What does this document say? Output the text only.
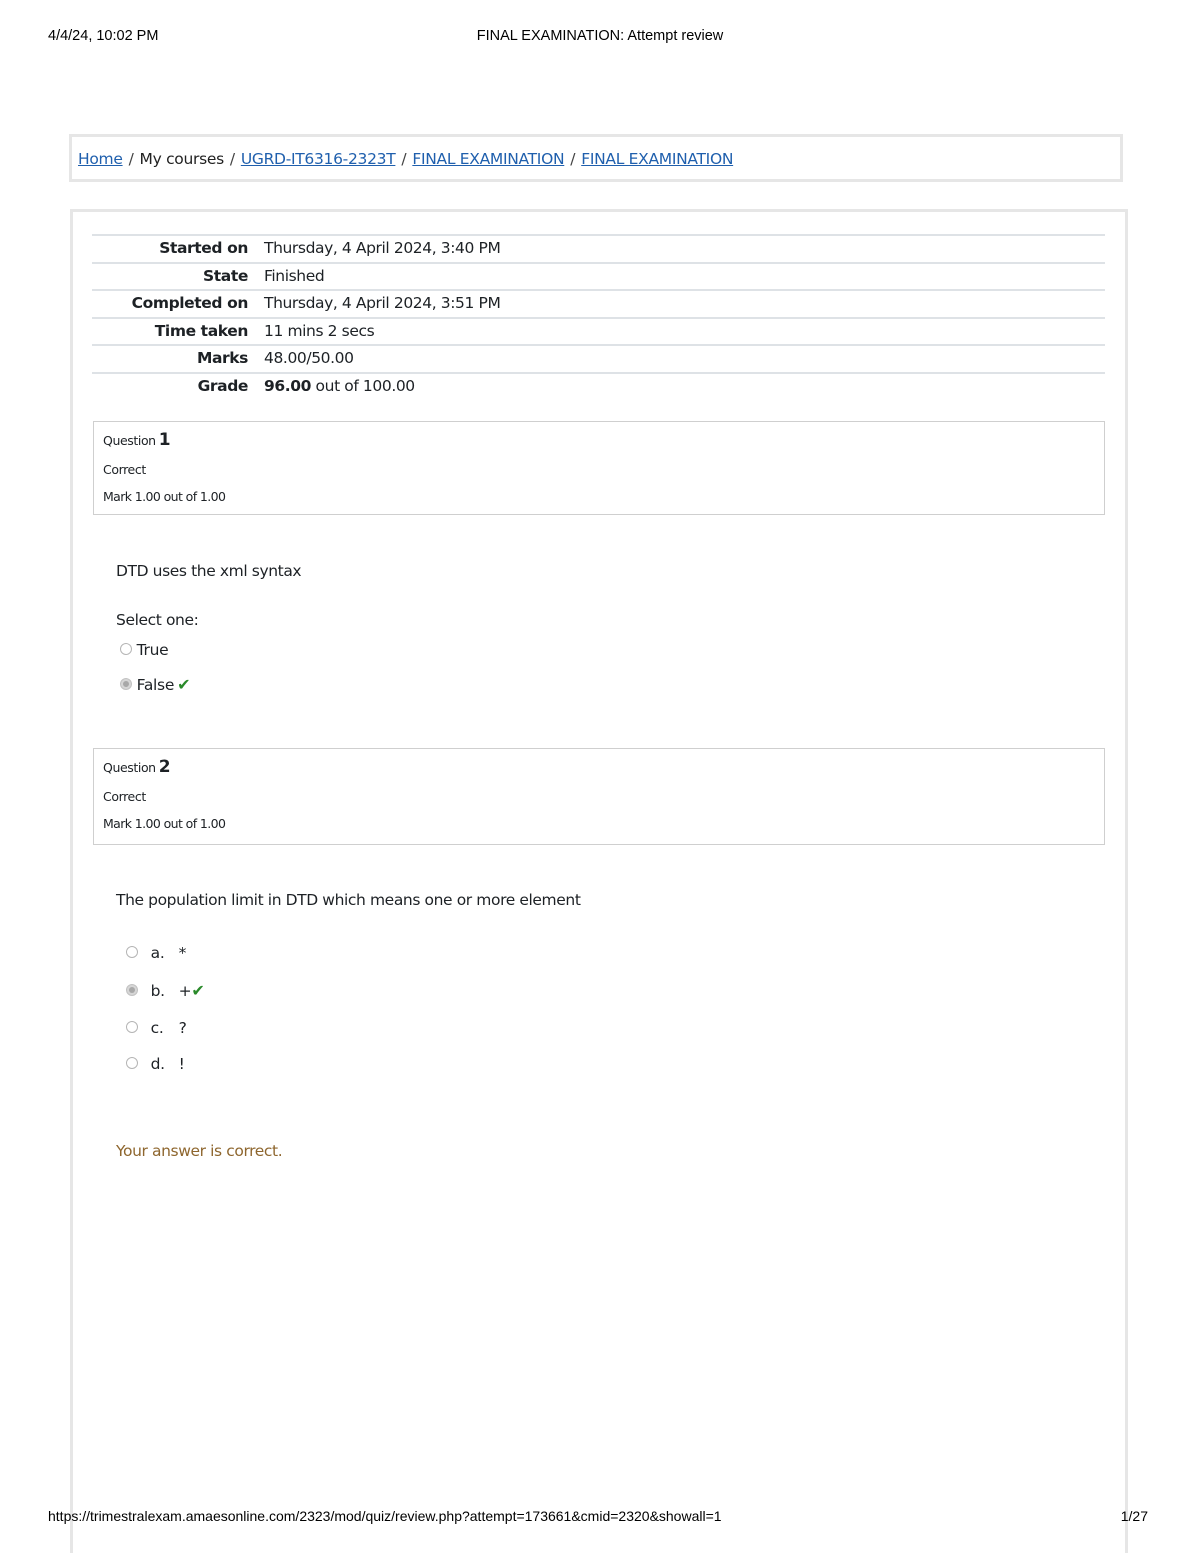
4/4/24, 10:02 PM	FINAL EXAMINATION: Attempt review
Home / My courses / UGRD-IT6316-2323T / FINAL EXAMINATION / FINAL EXAMINATION
Started on Thursday, 4 April 2024, 3:40 PM
State Finished
Completed on Thursday, 4 April 2024, 3:51 PM
Time taken 11 mins 2 secs
Marks 48.00/50.00
Grade 96.00 out of 100.00
Question 1
Correct
Mark 1.00 out of 1.00
DTD uses the xml syntax
Select one:
True
False ✔
Question 2
Correct
Mark 1.00 out of 1.00
The population limit in DTD which means one or more element
a. *
b. +✔
c. ?
d. !
Your answer is correct.
https://trimestralexam.amaesonline.com/2323/mod/quiz/review.php?attempt=173661&cmid=2320&showall=1	1/27
